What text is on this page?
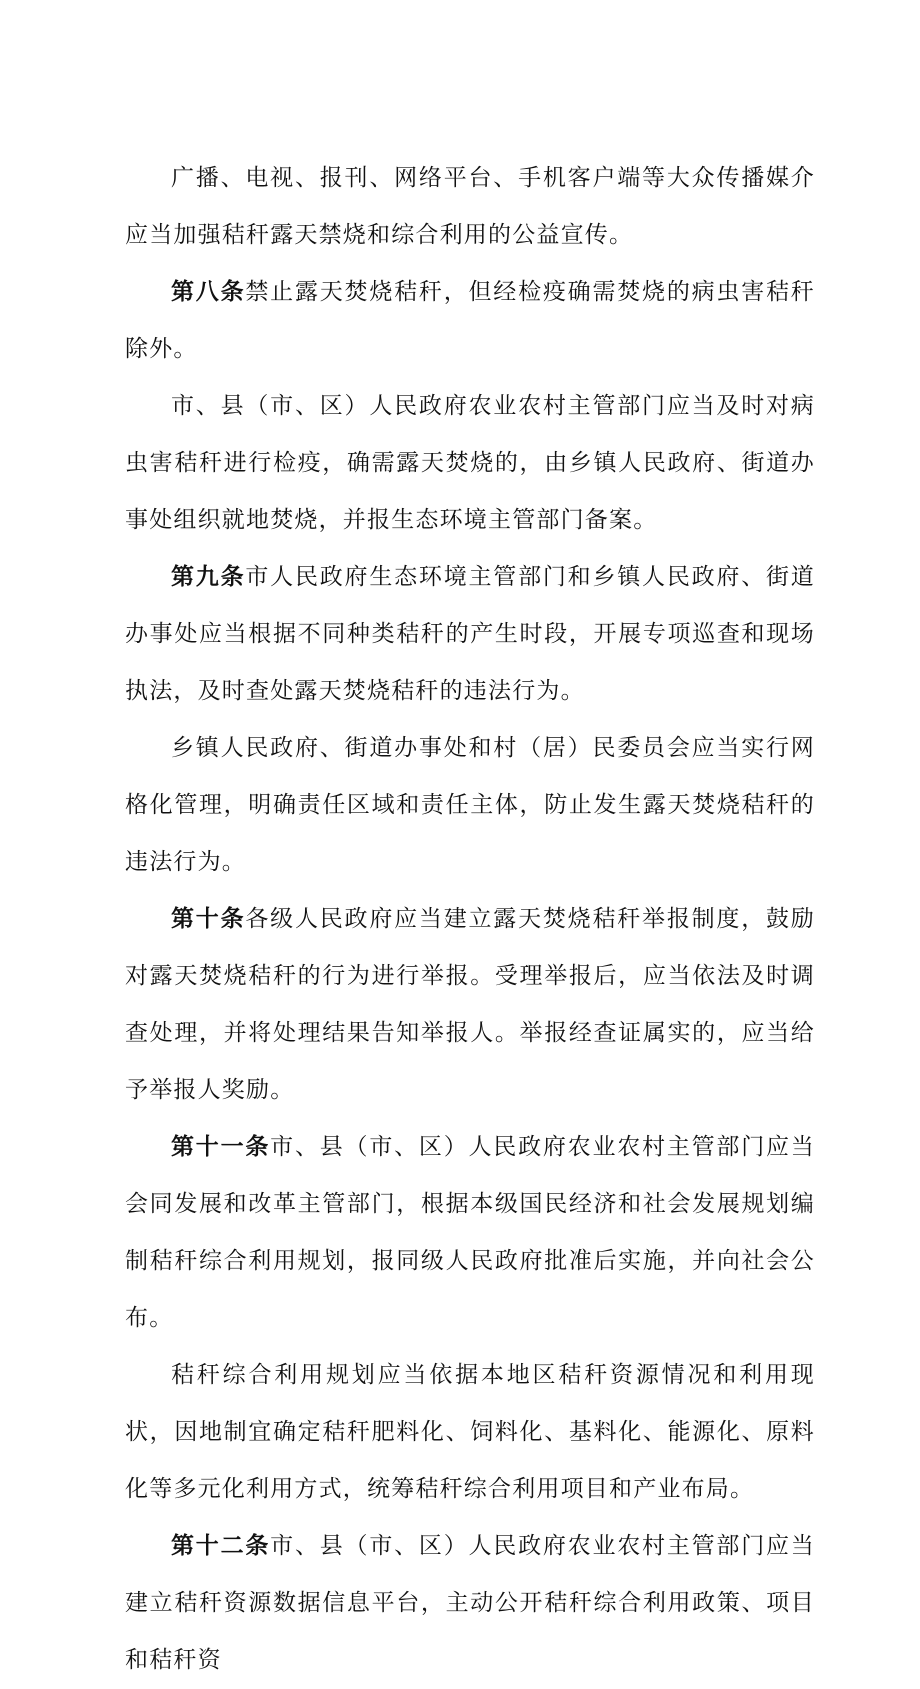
广播、电视、报刊、网络平台、手机客户端等大众传播媒介应当加强秸秆露天禁烧和综合利用的公益宣传。

第八条禁止露天焚烧秸秆，但经检疫确需焚烧的病虫害秸秆除外。

市、县（市、区）人民政府农业农村主管部门应当及时对病虫害秸秆进行检疫，确需露天焚烧的，由乡镇人民政府、街道办事处组织就地焚烧，并报生态环境主管部门备案。

第九条市人民政府生态环境主管部门和乡镇人民政府、街道办事处应当根据不同种类秸秆的产生时段，开展专项巡查和现场执法，及时查处露天焚烧秸秆的违法行为。

乡镇人民政府、街道办事处和村（居）民委员会应当实行网格化管理，明确责任区域和责任主体，防止发生露天焚烧秸秆的违法行为。

第十条各级人民政府应当建立露天焚烧秸秆举报制度，鼓励对露天焚烧秸秆的行为进行举报。受理举报后，应当依法及时调查处理，并将处理结果告知举报人。举报经查证属实的，应当给予举报人奖励。

第十一条市、县（市、区）人民政府农业农村主管部门应当会同发展和改革主管部门，根据本级国民经济和社会发展规划编制秸秆综合利用规划，报同级人民政府批准后实施，并向社会公布。

秸秆综合利用规划应当依据本地区秸秆资源情况和利用现状，因地制宜确定秸秆肥料化、饲料化、基料化、能源化、原料化等多元化利用方式，统筹秸秆综合利用项目和产业布局。

第十二条市、县（市、区）人民政府农业农村主管部门应当建立秸秆资源数据信息平台，主动公开秸秆综合利用政策、项目和秸秆资
